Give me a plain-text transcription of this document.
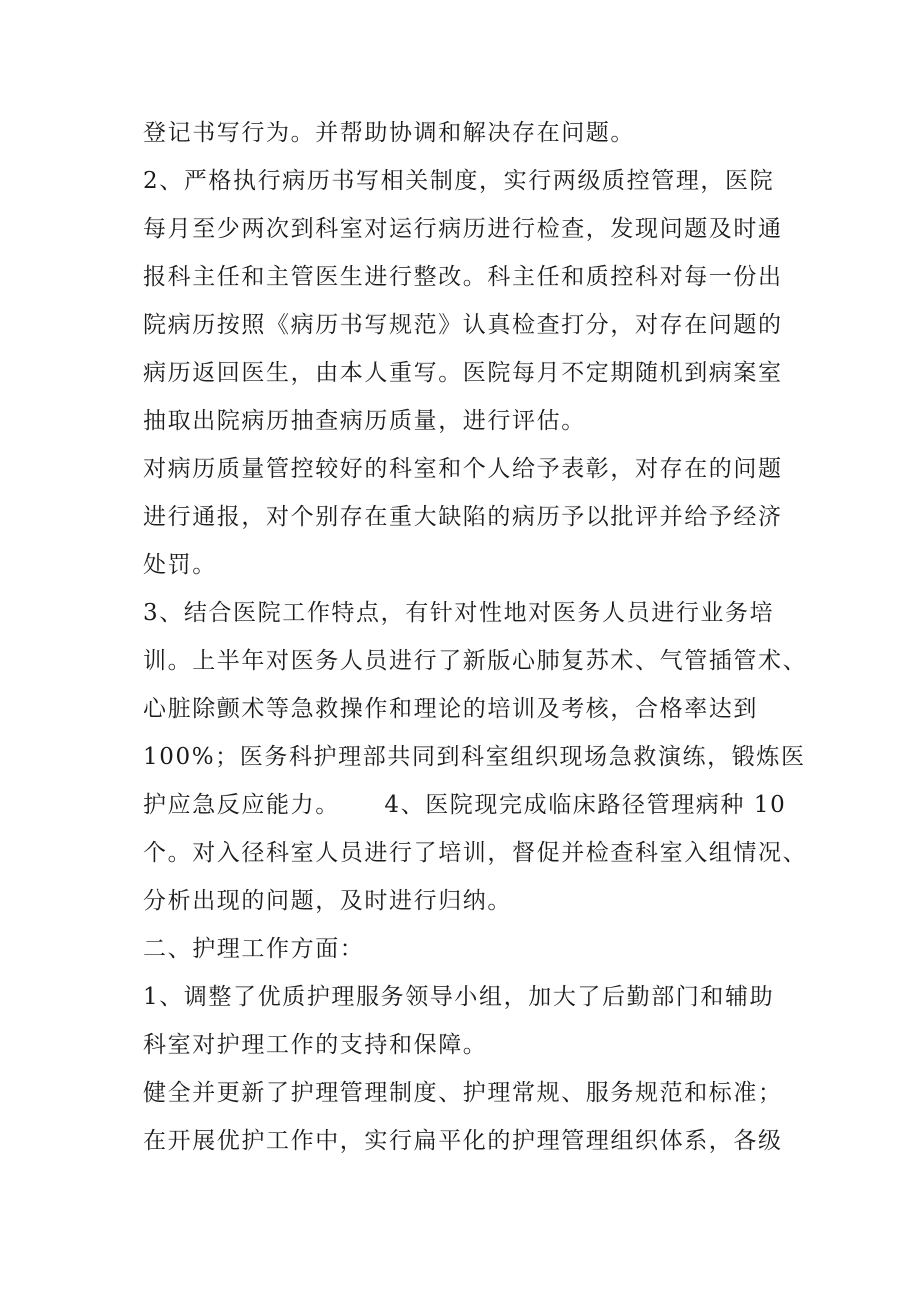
登记书写行为。并帮助协调和解决存在问题。
2、严格执行病历书写相关制度，实行两级质控管理，医院
每月至少两次到科室对运行病历进行检查，发现问题及时通
报科主任和主管医生进行整改。科主任和质控科对每一份出
院病历按照《病历书写规范》认真检查打分，对存在问题的
病历返回医生，由本人重写。医院每月不定期随机到病案室
抽取出院病历抽查病历质量，进行评估。
对病历质量管控较好的科室和个人给予表彰，对存在的问题
进行通报，对个别存在重大缺陷的病历予以批评并给予经济
处罚。
3、结合医院工作特点，有针对性地对医务人员进行业务培
训。上半年对医务人员进行了新版心肺复苏术、气管插管术、
心脏除颤术等急救操作和理论的培训及考核，合格率达到
100%；医务科护理部共同到科室组织现场急救演练，锻炼医
护应急反应能力。     4、医院现完成临床路径管理病种 10
个。对入径科室人员进行了培训，督促并检查科室入组情况、
分析出现的问题，及时进行归纳。
二、护理工作方面：
1、调整了优质护理服务领导小组，加大了后勤部门和辅助
科室对护理工作的支持和保障。
健全并更新了护理管理制度、护理常规、服务规范和标准；
在开展优护工作中，实行扁平化的护理管理组织体系，各级
